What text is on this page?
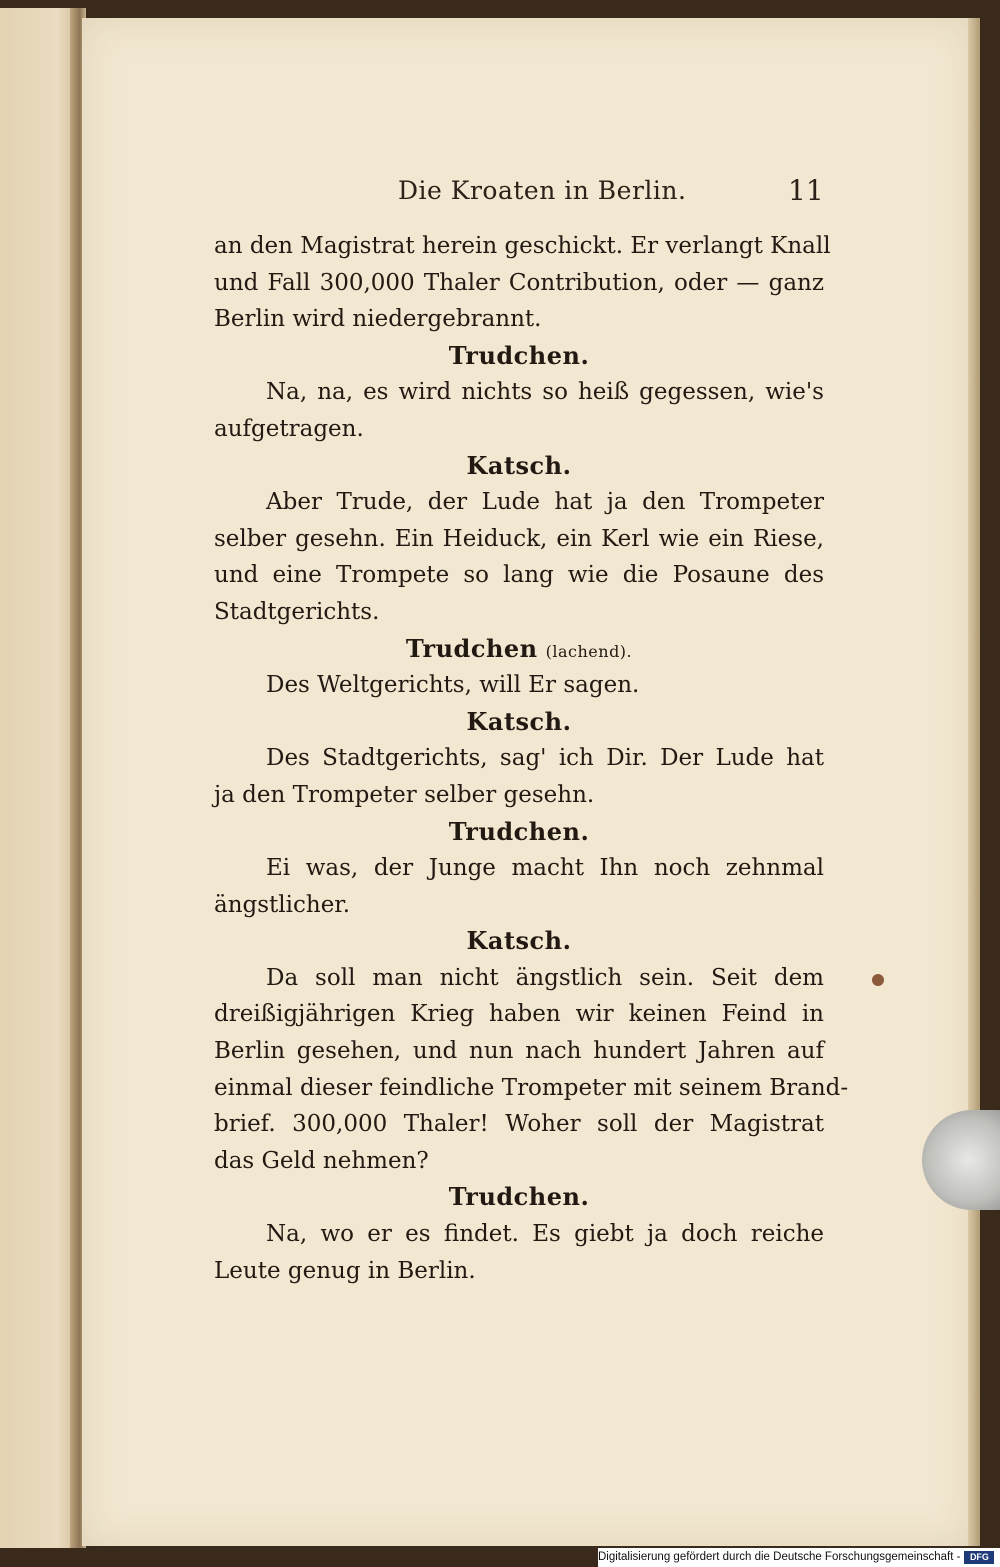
Die Kroaten in Berlin.	11
an den Magistrat herein geschickt. Er verlangt Knall
und Fall 300,000 Thaler Contribution, oder — ganz
Berlin wird niedergebrannt.
Trudchen.
Na, na, es wird nichts so heiß gegessen, wie's
aufgetragen.
Katsch.
Aber Trude, der Lude hat ja den Trompeter
selber gesehn. Ein Heiduck, ein Kerl wie ein Riese,
und eine Trompete so lang wie die Posaune des
Stadtgerichts.
Trudchen (lachend).
Des Weltgerichts, will Er sagen.
Katsch.
Des Stadtgerichts, sag' ich Dir. Der Lude hat
ja den Trompeter selber gesehn.
Trudchen.
Ei was, der Junge macht Ihn noch zehnmal
ängstlicher.
Katsch.
Da soll man nicht ängstlich sein. Seit dem
dreißigjährigen Krieg haben wir keinen Feind in
Berlin gesehen, und nun nach hundert Jahren auf
einmal dieser feindliche Trompeter mit seinem Brand-
brief. 300,000 Thaler! Woher soll der Magistrat
das Geld nehmen?
Trudchen.
Na, wo er es findet. Es giebt ja doch reiche
Leute genug in Berlin.
Digitalisierung gefördert durch die Deutsche Forschungsgemeinschaft -	DFG
